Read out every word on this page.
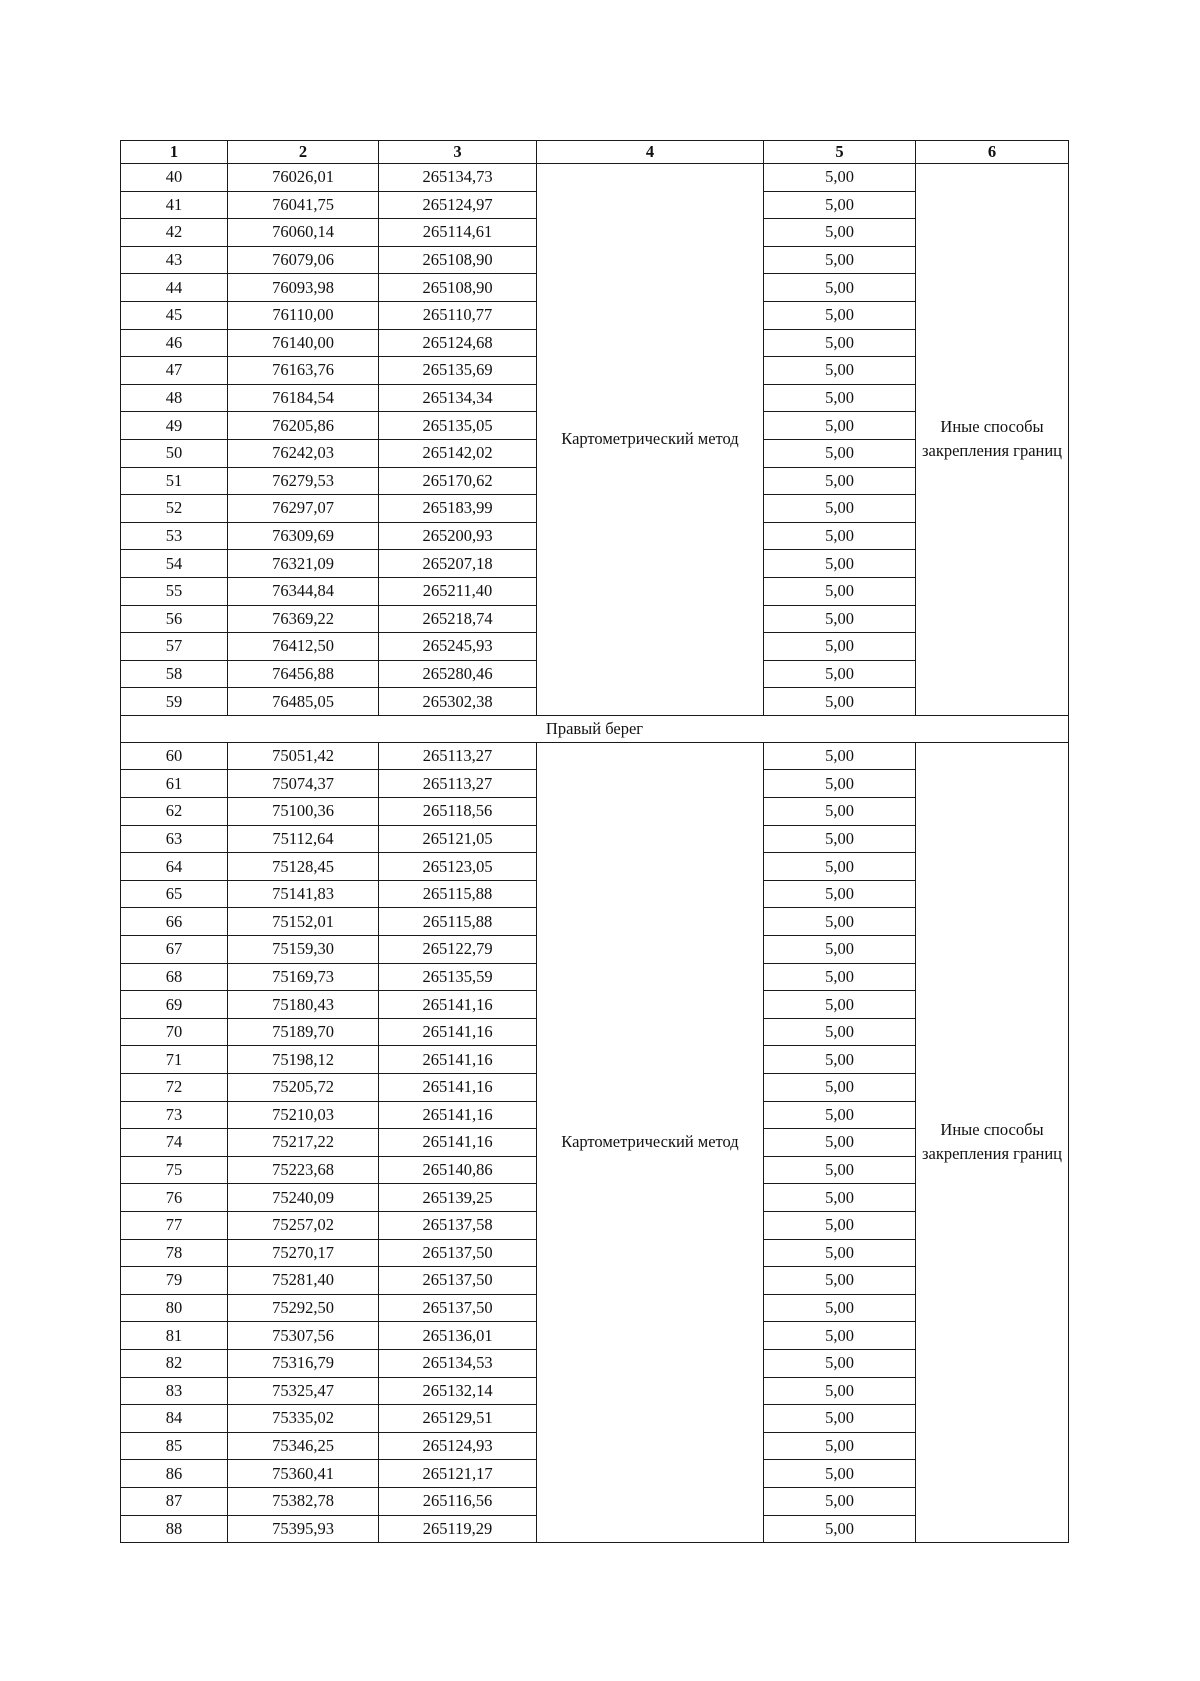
1	2	3	4	5	6
40	76026,01	265134,73	Картометрический метод	5,00	Иные способы закрепления границ
41	76041,75	265124,97		5,00	
42	76060,14	265114,61		5,00	
43	76079,06	265108,90		5,00	
44	76093,98	265108,90		5,00	
45	76110,00	265110,77		5,00	
46	76140,00	265124,68		5,00	
47	76163,76	265135,69		5,00	
48	76184,54	265134,34		5,00	
49	76205,86	265135,05		5,00	
50	76242,03	265142,02		5,00	
51	76279,53	265170,62		5,00	
52	76297,07	265183,99		5,00	
53	76309,69	265200,93		5,00	
54	76321,09	265207,18		5,00	
55	76344,84	265211,40		5,00	
56	76369,22	265218,74		5,00	
57	76412,50	265245,93		5,00	
58	76456,88	265280,46		5,00	
59	76485,05	265302,38		5,00	
Правый берег					
60	75051,42	265113,27	Картометрический метод	5,00	Иные способы закрепления границ
61	75074,37	265113,27		5,00	
62	75100,36	265118,56		5,00	
63	75112,64	265121,05		5,00	
64	75128,45	265123,05		5,00	
65	75141,83	265115,88		5,00	
66	75152,01	265115,88		5,00	
67	75159,30	265122,79		5,00	
68	75169,73	265135,59		5,00	
69	75180,43	265141,16		5,00	
70	75189,70	265141,16		5,00	
71	75198,12	265141,16		5,00	
72	75205,72	265141,16		5,00	
73	75210,03	265141,16		5,00	
74	75217,22	265141,16		5,00	
75	75223,68	265140,86		5,00	
76	75240,09	265139,25		5,00	
77	75257,02	265137,58		5,00	
78	75270,17	265137,50		5,00	
79	75281,40	265137,50		5,00	
80	75292,50	265137,50		5,00	
81	75307,56	265136,01		5,00	
82	75316,79	265134,53		5,00	
83	75325,47	265132,14		5,00	
84	75335,02	265129,51		5,00	
85	75346,25	265124,93		5,00	
86	75360,41	265121,17		5,00	
87	75382,78	265116,56		5,00	
88	75395,93	265119,29		5,00	
